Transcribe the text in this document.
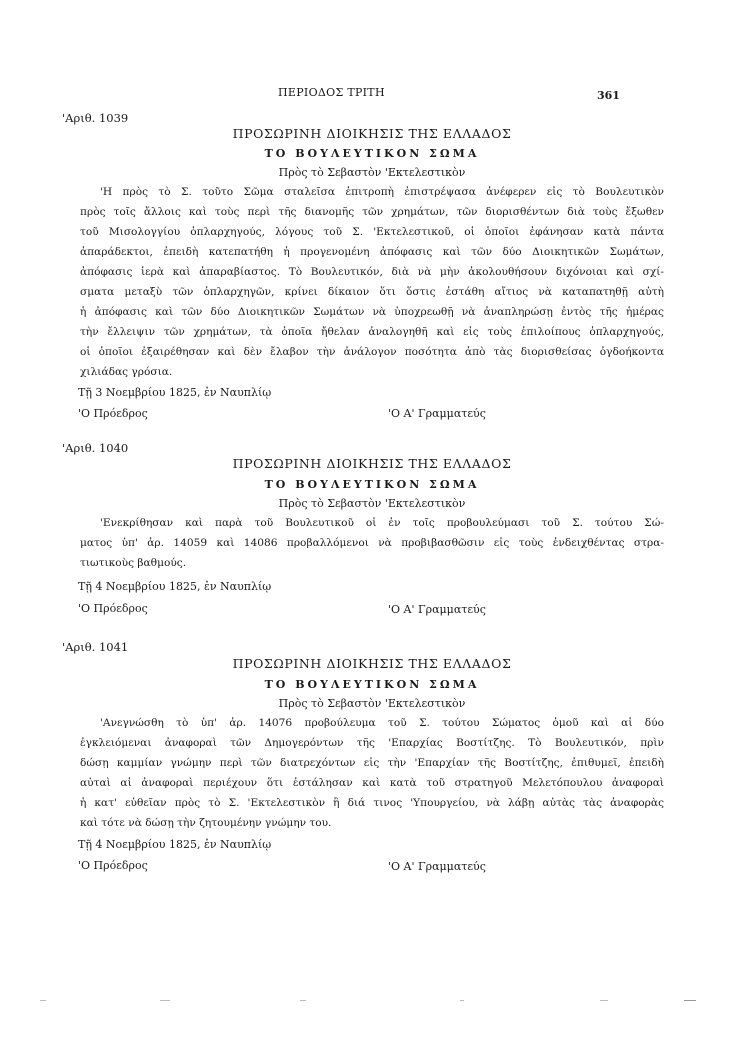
ΠΕΡΙΟΔΟΣ ΤΡΙΤΗ	361
'Αριθ. 1039
ΠΡΟΣΩΡΙΝΗ ΔΙΟΙΚΗΣΙΣ ΤΗΣ ΕΛΛΑΔΟΣ
ΤΟ ΒΟΥΛΕΥΤΙΚΟΝ ΣΩΜΑ
Πρὸς τὸ Σεβαστὸν 'Εκτελεστικὸν
'Η πρὸς τὸ Σ. τοῦτο Σῶμα σταλεῖσα ἐπιτροπὴ ἐπιστρέψασα ἀνέφερεν εἰς τὸ Βουλευτικὸν
πρὸς τοῖς ἄλλοις καὶ τοὺς περὶ τῆς διανομῆς τῶν χρημάτων, τῶν διορισθέντων διὰ τοὺς ἔξωθεν
τοῦ Μισολογγίου ὁπλαρχηγούς, λόγους τοῦ Σ. 'Εκτελεστικοῦ, οἱ ὁποῖοι ἐφάνησαν κατὰ πάντα
ἀπαράδεκτοι, ἐπειδὴ κατεπατήθη ἡ προγενομένη ἀπόφασις καὶ τῶν δύο Διοικητικῶν Σωμάτων,
ἀπόφασις ἱερὰ καὶ ἀπαραβίαστος. Τὸ Βουλευτικόν, διὰ νὰ μὴν ἀκολουθήσουν διχόνοιαι καὶ σχί-
σματα μεταξὺ τῶν ὁπλαρχηγῶν, κρίνει δίκαιον ὅτι ὅστις ἐστάθη αἴτιος νὰ καταπατηθῇ αὐτὴ
ἡ ἀπόφασις καὶ τῶν δύο Διοικητικῶν Σωμάτων νὰ ὑποχρεωθῇ νὰ ἀναπληρώσῃ ἐντὸς τῆς ἡμέρας
τὴν ἔλλειψιν τῶν χρημάτων, τὰ ὁποῖα ἤθελαν ἀναλογηθῆ καὶ εἰς τοὺς ἐπιλοίπους ὁπλαρχηγούς,
οἱ ὁποῖοι ἐξαιρέθησαν καὶ δὲν ἔλαβον τὴν ἀνάλογον ποσότητα ἀπὸ τὰς διορισθείσας ὀγδοήκοντα
χιλιάδας γρόσια.
Τῇ 3 Νοεμβρίου 1825, ἐν Ναυπλίῳ
'Ο Πρόεδρος	'Ο Α' Γραμματεύς
'Αριθ. 1040
ΠΡΟΣΩΡΙΝΗ ΔΙΟΙΚΗΣΙΣ ΤΗΣ ΕΛΛΑΔΟΣ
ΤΟ ΒΟΥΛΕΥΤΙΚΟΝ ΣΩΜΑ
Πρὸς τὸ Σεβαστὸν 'Εκτελεστικὸν
'Ενεκρίθησαν καὶ παρὰ τοῦ Βουλευτικοῦ οἱ ἐν τοῖς προβουλεύμασι τοῦ Σ. τούτου Σώ-
ματος ὑπ' ἀρ. 14059 καὶ 14086 προβαλλόμενοι νὰ προβιβασθῶσιν εἰς τοὺς ἐνδειχθέντας στρα-
τιωτικοὺς βαθμούς.
Τῇ 4 Νοεμβρίου 1825, ἐν Ναυπλίῳ
'Ο Πρόεδρος	'Ο Α' Γραμματεύς
'Αριθ. 1041
ΠΡΟΣΩΡΙΝΗ ΔΙΟΙΚΗΣΙΣ ΤΗΣ ΕΛΛΑΔΟΣ
ΤΟ ΒΟΥΛΕΥΤΙΚΟΝ ΣΩΜΑ
Πρὸς τὸ Σεβαστὸν 'Εκτελεστικὸν
'Ανεγνώσθη τὸ ὑπ' ἀρ. 14076 προβούλευμα τοῦ Σ. τούτου Σώματος ὁμοῦ καὶ αἱ δύο
ἐγκλειόμεναι ἀναφοραὶ τῶν Δημογερόντων τῆς 'Επαρχίας Βοστίτζης. Τὸ Βουλευτικόν, πρὶν
δώσῃ καμμίαν γνώμην περὶ τῶν διατρεχόντων εἰς τὴν 'Επαρχίαν τῆς Βοστίτζης, ἐπιθυμεῖ, ἐπειδὴ
αὐταὶ αἱ ἀναφοραὶ περιέχουν ὅτι ἐστάλησαν καὶ κατὰ τοῦ στρατηγοῦ Μελετόπουλου ἀναφοραὶ
ἡ κατ' εὐθεῖαν πρὸς τὸ Σ. 'Εκτελεστικὸν ἢ διά τινος 'Υπουργείου, νὰ λάβῃ αὐτὰς τὰς ἀναφορὰς
καὶ τότε νὰ δώσῃ τὴν ζητουμένην γνώμην του.
Τῇ 4 Νοεμβρίου 1825, ἐν Ναυπλίῳ
'Ο Πρόεδρος	'Ο Α' Γραμματεύς
